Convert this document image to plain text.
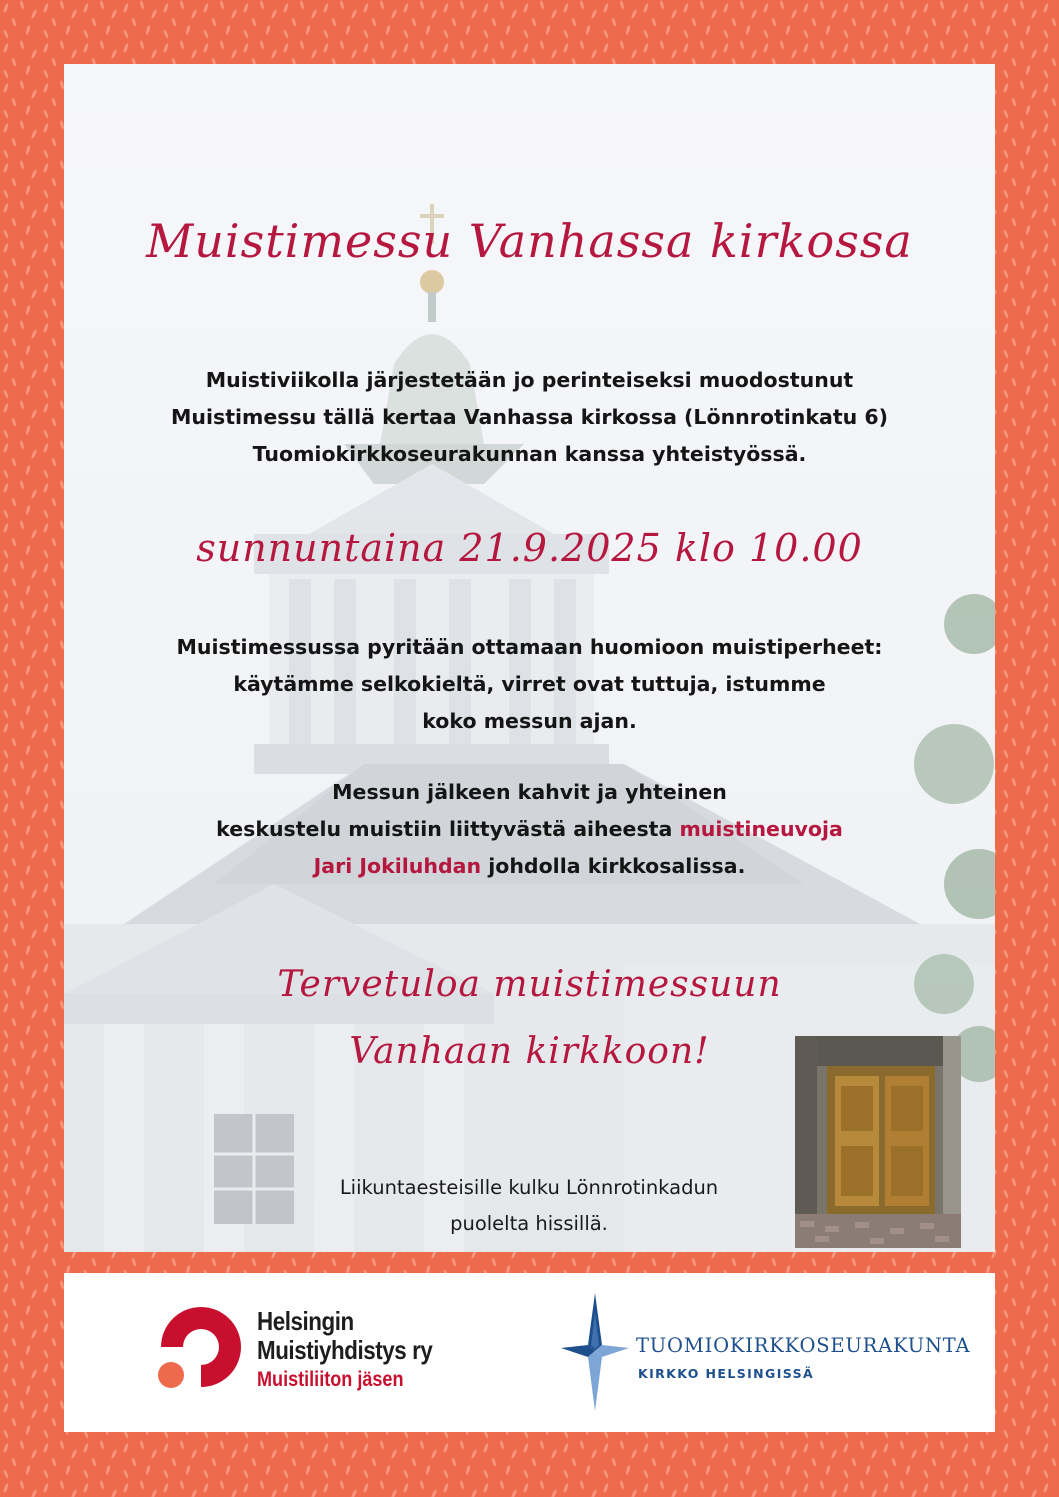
Muistimessu Vanhassa kirkossa
Muistiviikolla järjestetään jo perinteiseksi muodostunut
Muistimessu tällä kertaa Vanhassa kirkossa (Lönnrotinkatu 6)
Tuomiokirkkoseurakunnan kanssa yhteistyössä.
sunnuntaina 21.9.2025 klo 10.00
Muistimessussa pyritään ottamaan huomioon muistiperheet:
käytämme selkokieltä, virret ovat tuttuja, istumme
koko messun ajan.
Messun jälkeen kahvit ja yhteinen
keskustelu muistiin liittyvästä aiheesta muistineuvoja
Jari Jokiluhdan johdolla kirkkosalissa.
Tervetuloa muistimessuun
Vanhaan kirkkoon!
Liikuntaesteisille kulku Lönnrotinkadun
puolelta hissillä.
Helsingin
Muistiyhdistys ry
Muistiliiton jäsen
TUOMIOKIRKKOSEURAKUNTA
KIRKKO HELSINGISSÄ
